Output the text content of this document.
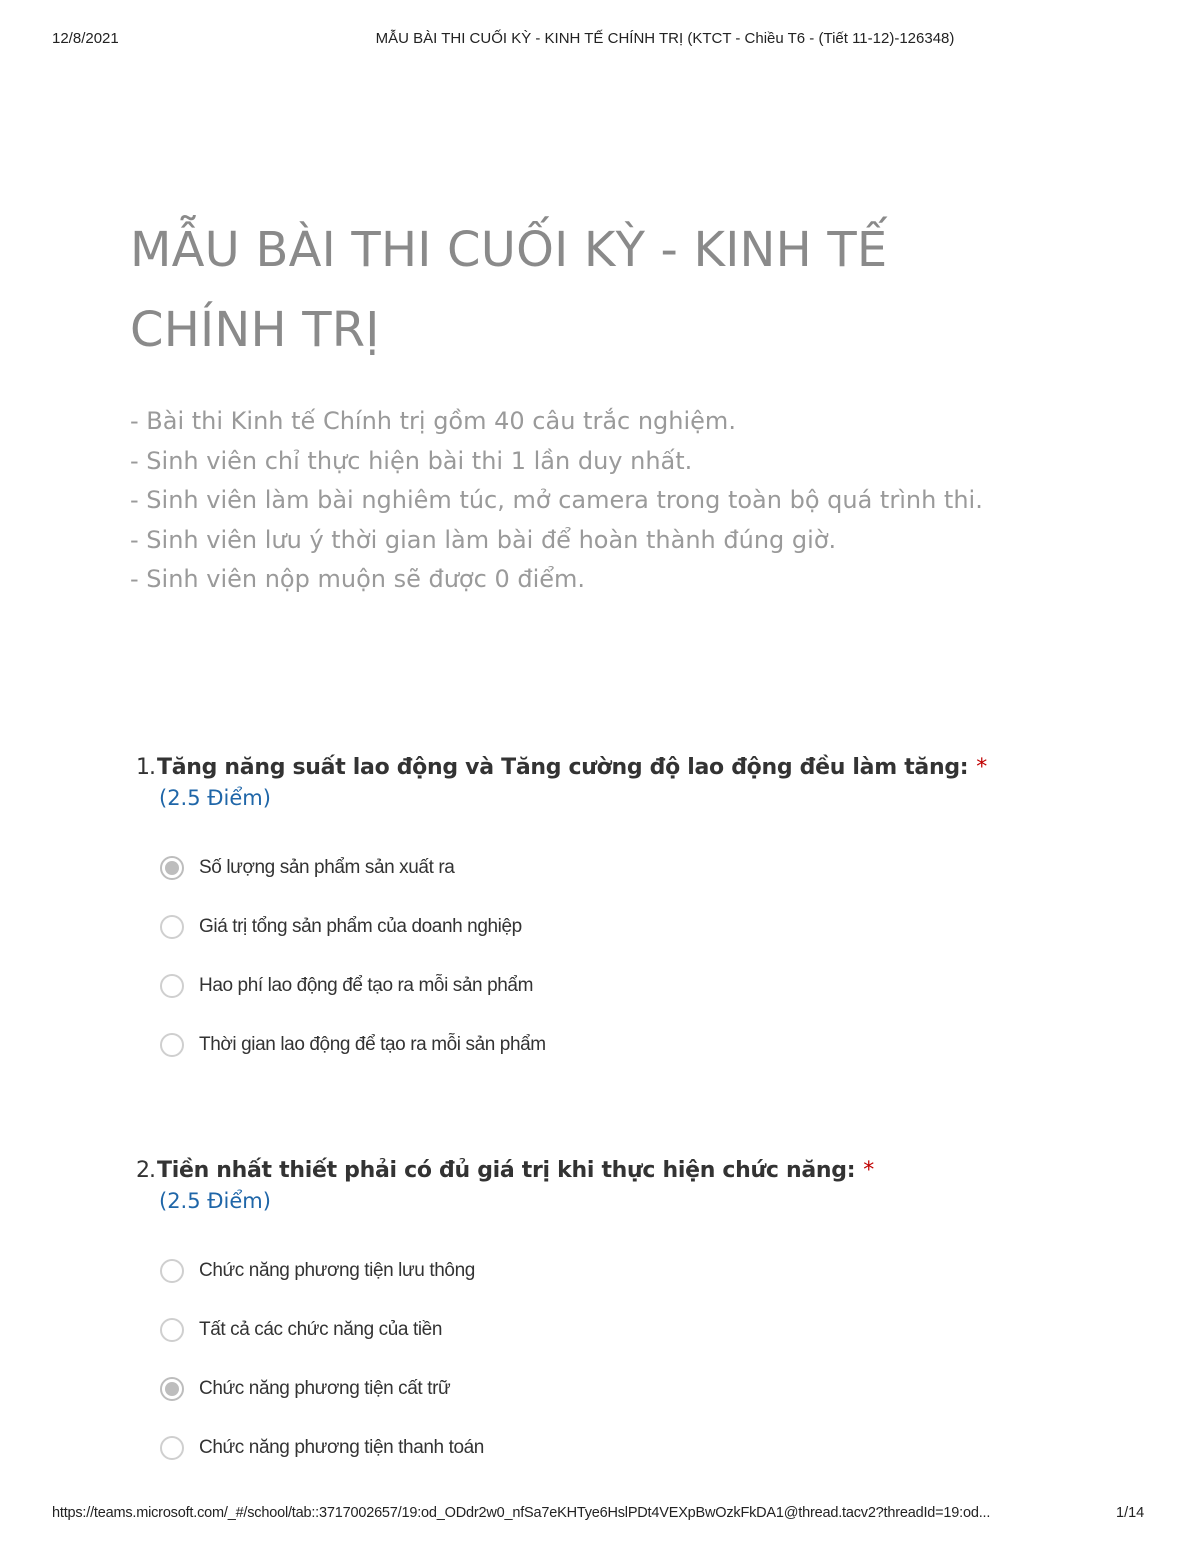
12/8/2021	MẪU BÀI THI CUỐI KỲ - KINH TẾ CHÍNH TRỊ (KTCT - Chiều T6 - (Tiết 11-12)-126348)
MẪU BÀI THI CUỐI KỲ - KINH TẾ
CHÍNH TRỊ
- Bài thi Kinh tế Chính trị gồm 40 câu trắc nghiệm.
- Sinh viên chỉ thực hiện bài thi 1 lần duy nhất.
- Sinh viên làm bài nghiêm túc, mở camera trong toàn bộ quá trình thi.
- Sinh viên lưu ý thời gian làm bài để hoàn thành đúng giờ.
- Sinh viên nộp muộn sẽ được 0 điểm.
1. Tăng năng suất lao động và Tăng cường độ lao động đều làm tăng: *
(2.5 Điểm)
Số lượng sản phẩm sản xuất ra
Giá trị tổng sản phẩm của doanh nghiệp
Hao phí lao động để tạo ra mỗi sản phẩm
Thời gian lao động để tạo ra mỗi sản phẩm
2. Tiền nhất thiết phải có đủ giá trị khi thực hiện chức năng: *
(2.5 Điểm)
Chức năng phương tiện lưu thông
Tất cả các chức năng của tiền
Chức năng phương tiện cất trữ
Chức năng phương tiện thanh toán
https://teams.microsoft.com/_#/school/tab::3717002657/19:od_ODdr2w0_nfSa7eKHTye6HslPDt4VEXpBwOzkFkDA1@thread.tacv2?threadId=19:od...	1/14
